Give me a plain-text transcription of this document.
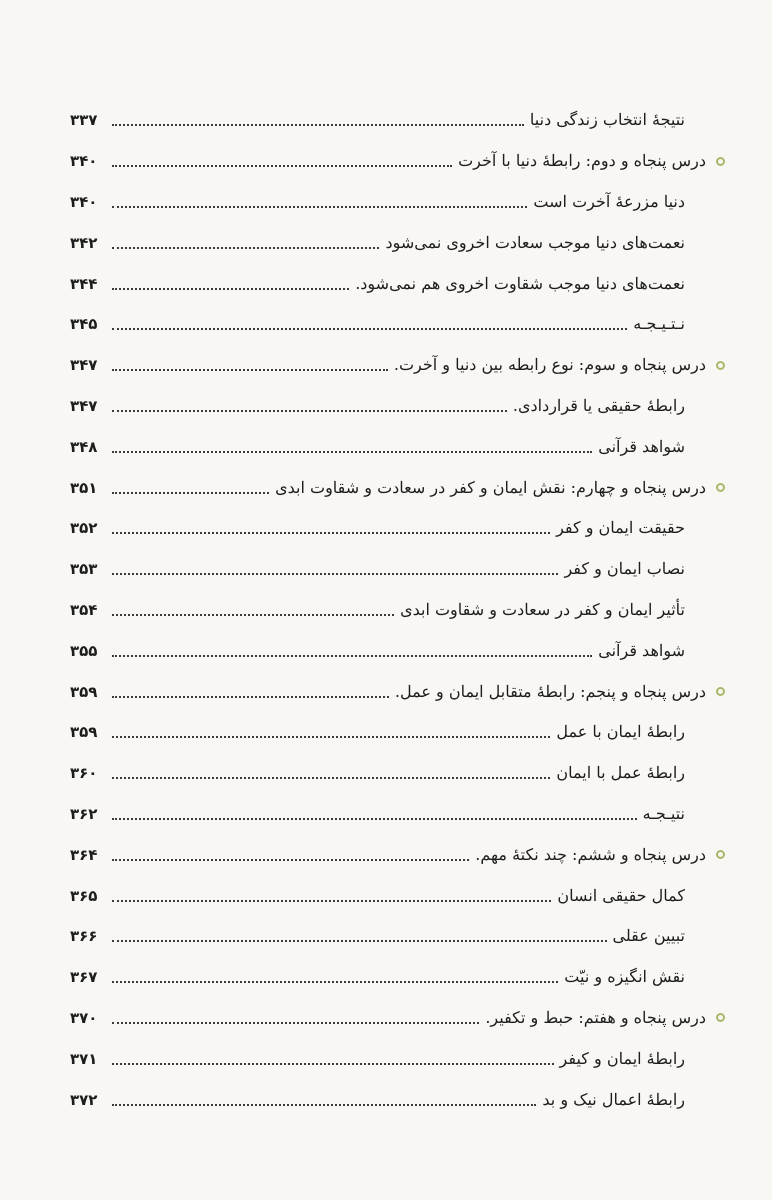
نتیجهٔ انتخاب زندگی دنیا
۳۳۷
درس پنجاه و دوم: رابطهٔ دنیا با آخرت
۳۴۰
دنیا مزرعهٔ آخرت است
۳۴۰
نعمت‌های دنیا موجب سعادت اخروی نمی‌شود
۳۴۲
نعمت‌های دنیا موجب شقاوت اخروی هم نمی‌شود.
۳۴۴
نـتـیـجـه
۳۴۵
درس پنجاه و سوم: نوع رابطه بین دنیا و آخرت.
۳۴۷
رابطهٔ حقیقی یا قراردادی.
۳۴۷
شواهد قرآنی
۳۴۸
درس پنجاه و چهارم: نقش ایمان و کفر در سعادت و شقاوت ابدی
۳۵۱
حقیقت ایمان و کفر
۳۵۲
نصاب ایمان و کفر
۳۵۳
تأثیر ایمان و کفر در سعادت و شقاوت ابدی
۳۵۴
شواهد قرآنی
۳۵۵
درس پنجاه و پنجم: رابطهٔ متقابل ایمان و عمل.
۳۵۹
رابطهٔ ایمان با عمل
۳۵۹
رابطهٔ عمل با ایمان
۳۶۰
نتیـجـه
۳۶۲
درس پنجاه و ششم: چند نکتهٔ مهم.
۳۶۴
کمال حقیقی انسان
۳۶۵
تبیین عقلی
۳۶۶
نقش انگیزه و نیّت
۳۶۷
درس پنجاه و هفتم: حبط و تکفیر.
۳۷۰
رابطهٔ ایمان و کیفر
۳۷۱
رابطهٔ اعمال نیک و بد
۳۷۲
